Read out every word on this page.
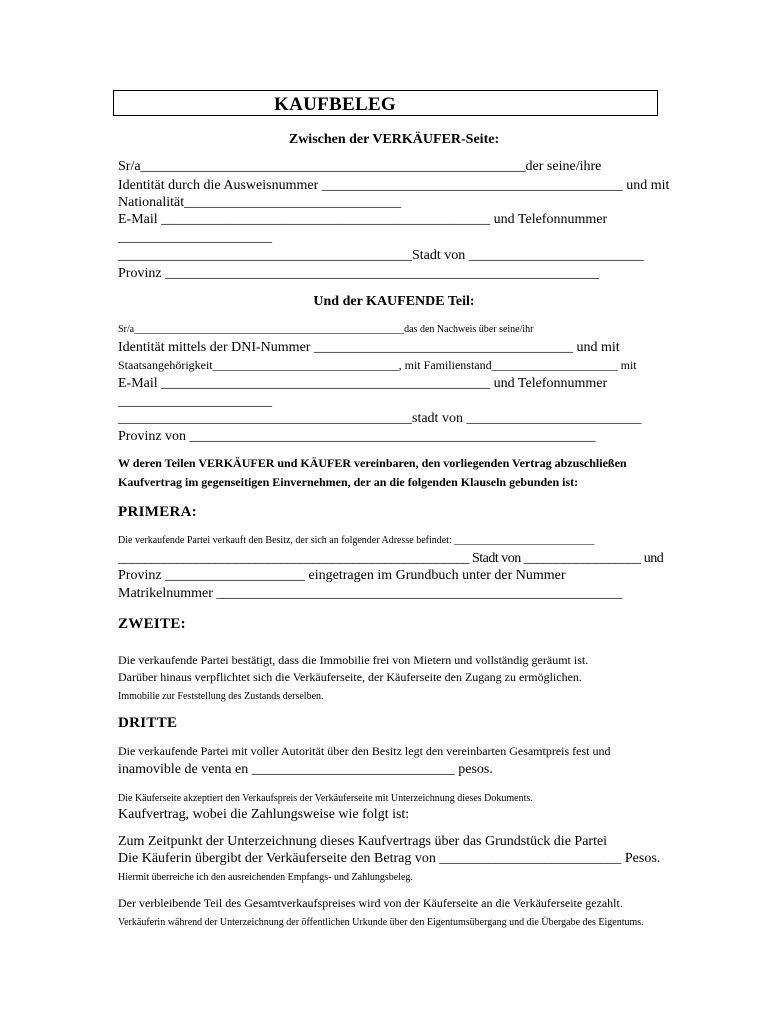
KAUFBELEG

Zwischen der VERKÄUFER-Seite:

Sr/a_______________________________________________________der seine/ihre

Identität durch die Ausweisnummer ___________________________________________ und mit

Nationalität_______________________________

E-Mail _______________________________________________ und Telefonnummer

______________________

__________________________________________Stadt von _________________________

Provinz ______________________________________________________________

Und der KAUFENDE Teil:

Sr/a______________________________________________________das den Nachweis über seine/ihr

Identität mittels der DNI-Nummer _____________________________________ und mit

Staatsangehörigkeit_______________________________, mit Familienstand_____________________ mit

E-Mail _______________________________________________ und Telefonnummer

______________________

__________________________________________stadt von _________________________

Provinz von __________________________________________________________

W deren Teilen VERKÄUFER und KÄUFER vereinbaren, den vorliegenden Vertrag abzuschließen

Kaufvertrag im gegenseitigen Einvernehmen, der an die folgenden Klauseln gebunden ist:

PRIMERA:

Die verkaufende Partei verkauft den Besitz, der sich an folgender Adresse befindet: ____________________________

______________________________________________________ Stadt von __________________ und

Provinz ____________________ eingetragen im Grundbuch unter der Nummer

Matrikelnummer __________________________________________________________

ZWEITE:

Die verkaufende Partei bestätigt, dass die Immobilie frei von Mietern und vollständig geräumt ist.

Darüber hinaus verpflichtet sich die Verkäuferseite, der Käuferseite den Zugang zu ermöglichen.

Immobilie zur Feststellung des Zustands derselben.

DRITTE

Die verkaufende Partei mit voller Autorität über den Besitz legt den vereinbarten Gesamtpreis fest und

inamovible de venta en _____________________________ pesos.

Die Käuferseite akzeptiert den Verkaufspreis der Verkäuferseite mit Unterzeichnung dieses Dokuments.

Kaufvertrag, wobei die Zahlungsweise wie folgt ist:

Zum Zeitpunkt der Unterzeichnung dieses Kaufvertrags über das Grundstück die Partei

Die Käuferin übergibt der Verkäuferseite den Betrag von __________________________ Pesos.

Hiermit überreiche ich den ausreichenden Empfangs- und Zahlungsbeleg.

Der verbleibende Teil des Gesamtverkaufspreises wird von der Käuferseite an die Verkäuferseite gezahlt.

Verkäuferin während der Unterzeichnung der öffentlichen Urkunde über den Eigentumsübergang und die Übergabe des Eigentums.
